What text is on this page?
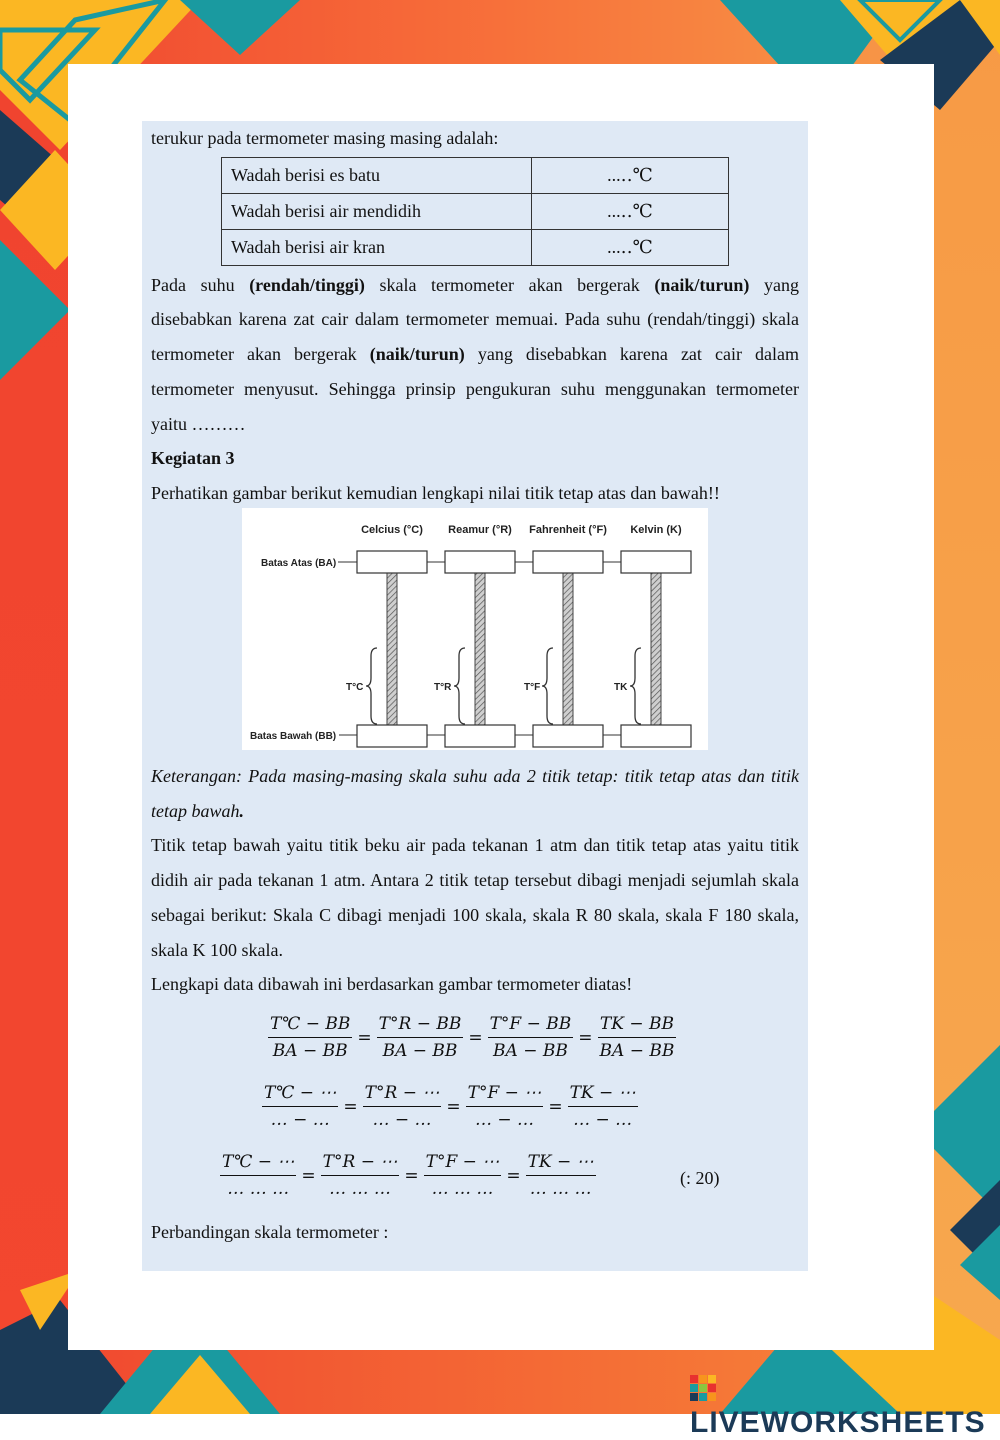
terukur pada termometer masing masing adalah:

Wadah berisi es batu	...․․℃
Wadah berisi air mendidih	...․․℃
Wadah berisi air kran	...․․℃

Pada suhu (rendah/tinggi) skala termometer akan bergerak (naik/turun) yang disebabkan karena zat cair dalam termometer memuai. Pada suhu (rendah/tinggi) skala termometer akan bergerak (naik/turun) yang disebabkan karena zat cair dalam termometer menyusut. Sehingga prinsip pengukuran suhu menggunakan termometer yaitu ………

Kegiatan 3

Perhatikan gambar berikut kemudian lengkapi nilai titik tetap atas dan bawah!!

Celcius (°C) Reamur (°R) Fahrenheit (°F) Kelvin (K)
Batas Atas (BA)
Batas Bawah (BB)
T°C	T°R	T°F	TK

Keterangan: Pada masing-masing skala suhu ada 2 titik tetap: titik tetap atas dan titik tetap bawah.

Titik tetap bawah yaitu titik beku air pada tekanan 1 atm dan titik tetap atas yaitu titik didih air pada tekanan 1 atm. Antara 2 titik tetap tersebut dibagi menjadi sejumlah skala sebagai berikut: Skala C dibagi menjadi 100 skala, skala R 80 skala, skala F 180 skala, skala K 100 skala.

Lengkapi data dibawah ini berdasarkan gambar termometer diatas!

$\frac{T℃ - BB}{BA - BB} = \frac{T^\circ R - BB}{BA - BB} = \frac{T^\circ F - BB}{BA - BB} = \frac{TK - BB}{BA - BB}$
$\frac{T℃ - \cdots}{\dots - \dots} = \frac{T^\circ R - \cdots}{\dots - \dots} = \frac{T^\circ F - \cdots}{\dots - \dots} = \frac{TK - \cdots}{\dots - \dots}$
$\frac{T℃ - \cdots}{\dots \dots \dots} = \frac{T^\circ R - \cdots}{\dots \dots \dots} = \frac{T^\circ F - \cdots}{\dots \dots \dots} = \frac{TK - \cdots}{\dots \dots \dots}$	(: 20)
Perbandingan skala termometer :
LIVEWORKSHEETS
